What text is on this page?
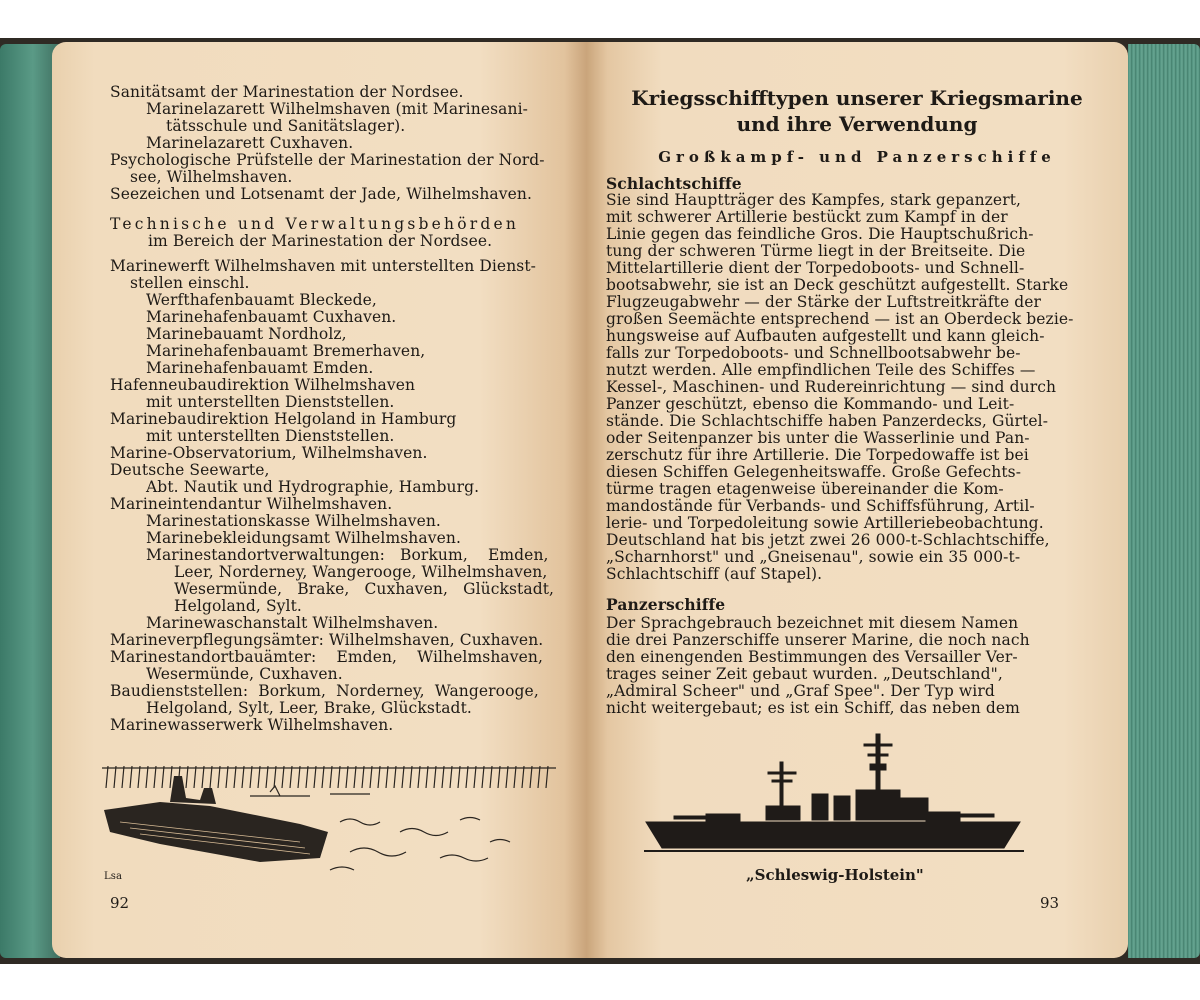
Sanitätsamt der Marinestation der Nordsee.
Marinelazarett Wilhelmshaven (mit Marinesani-
tätsschule und Sanitätslager).
Marinelazarett Cuxhaven.
Psychologische Prüfstelle der Marinestation der Nord-
see, Wilhelmshaven.
Seezeichen und Lotsenamt der Jade, Wilhelmshaven.
Technische und Verwaltungsbehörden
im Bereich der Marinestation der Nordsee.
Marinewerft Wilhelmshaven mit unterstellten Dienst-
stellen einschl.
Werfthafenbauamt Bleckede,
Marinehafenbauamt Cuxhaven.
Marinebauamt Nordholz,
Marinehafenbauamt Bremerhaven,
Marinehafenbauamt Emden.
Hafenneubaudirektion Wilhelmshaven
mit unterstellten Dienststellen.
Marinebaudirektion Helgoland in Hamburg
mit unterstellten Dienststellen.
Marine-Observatorium, Wilhelmshaven.
Deutsche Seewarte,
Abt. Nautik und Hydrographie, Hamburg.
Marineintendantur Wilhelmshaven.
Marinestationskasse Wilhelmshaven.
Marinebekleidungsamt Wilhelmshaven.
Marinestandortverwaltungen:   Borkum,    Emden,
Leer, Norderney, Wangerooge, Wilhelmshaven,
Wesermünde,   Brake,   Cuxhaven,   Glückstadt,
Helgoland, Sylt.
Marinewaschanstalt Wilhelmshaven.
Marineverpflegungsämter: Wilhelmshaven, Cuxhaven.
Marinestandortbauämter:    Emden,    Wilhelmshaven,
Wesermünde, Cuxhaven.
Baudienststellen:  Borkum,  Norderney,  Wangerooge,
Helgoland, Sylt, Leer, Brake, Glückstadt.
Marinewasserwerk Wilhelmshaven.
Lsa
92
Kriegsschifftypen unserer Kriegsmarine
und ihre Verwendung
Großkampf- und Panzerschiffe
Schlachtschiffe
Sie sind Hauptträger des Kampfes, stark gepanzert,
mit schwerer Artillerie bestückt zum Kampf in der
Linie gegen das feindliche Gros. Die Hauptschußrich-
tung der schweren Türme liegt in der Breitseite. Die
Mittelartillerie dient der Torpedoboots- und Schnell-
bootsabwehr, sie ist an Deck geschützt aufgestellt. Starke
Flugzeugabwehr — der Stärke der Luftstreitkräfte der
großen Seemächte entsprechend — ist an Oberdeck bezie-
hungsweise auf Aufbauten aufgestellt und kann gleich-
falls zur Torpedoboots- und Schnellbootsabwehr be-
nutzt werden. Alle empfindlichen Teile des Schiffes —
Kessel-, Maschinen- und Rudereinrichtung — sind durch
Panzer geschützt, ebenso die Kommando- und Leit-
stände. Die Schlachtschiffe haben Panzerdecks, Gürtel-
oder Seitenpanzer bis unter die Wasserlinie und Pan-
zerschutz für ihre Artillerie. Die Torpedowaffe ist bei
diesen Schiffen Gelegenheitswaffe. Große Gefechts-
türme tragen etagenweise übereinander die Kom-
mandostände für Verbands- und Schiffsführung, Artil-
lerie- und Torpedoleitung sowie Artilleriebeobachtung.
Deutschland hat bis jetzt zwei 26 000-t-Schlachtschiffe,
„Scharnhorst" und „Gneisenau", sowie ein 35 000-t-
Schlachtschiff (auf Stapel).
Panzerschiffe
Der Sprachgebrauch bezeichnet mit diesem Namen
die drei Panzerschiffe unserer Marine, die noch nach
den einengenden Bestimmungen des Versailler Ver-
trages seiner Zeit gebaut wurden. „Deutschland",
„Admiral Scheer" und „Graf Spee". Der Typ wird
nicht weitergebaut; es ist ein Schiff, das neben dem
„Schleswig-Holstein"
93
